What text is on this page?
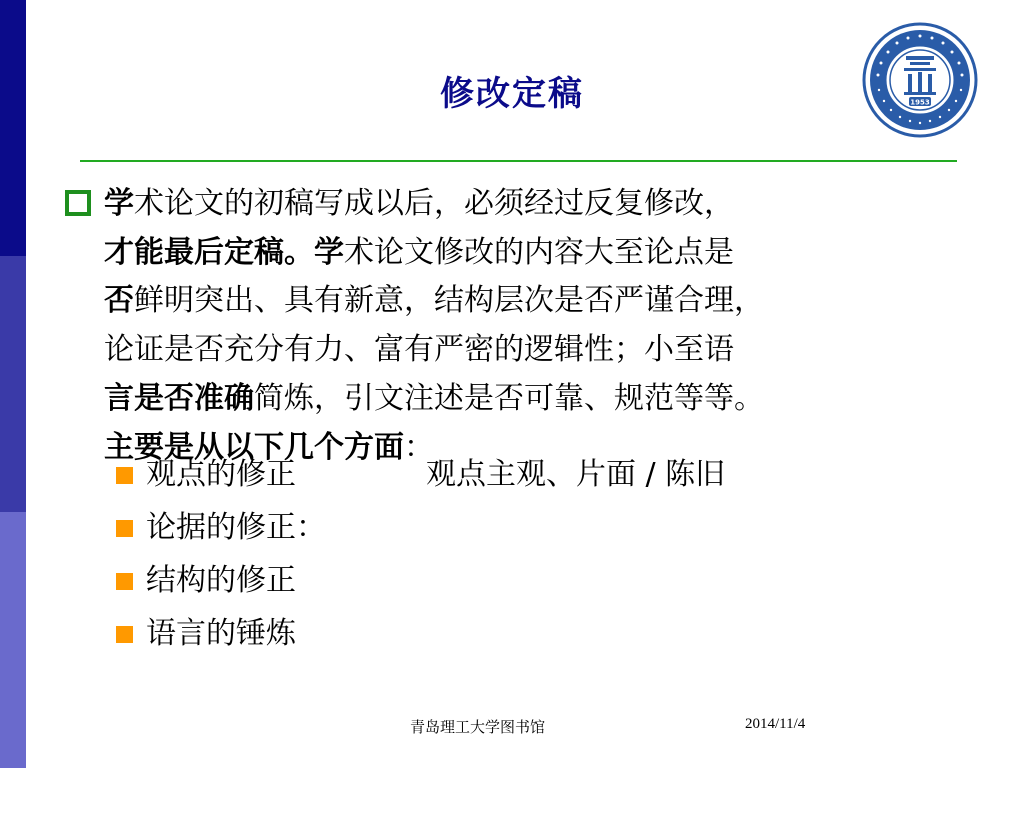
修改定稿	1953
学术论文的初稿写成以后，必须经过反复修改，
才能最后定稿。学术论文修改的内容大至论点是
否鲜明突出、具有新意，结构层次是否严谨合理，
论证是否充分有力、富有严密的逻辑性；小至语
言是否准确简炼，引文注述是否可靠、规范等等。
主要是从以下几个方面：

观点的修正

	观点主观、片面 / 陈旧

论据的修正：

结构的修正

语言的锤炼

青岛理工大学图书馆	2014/11/4
